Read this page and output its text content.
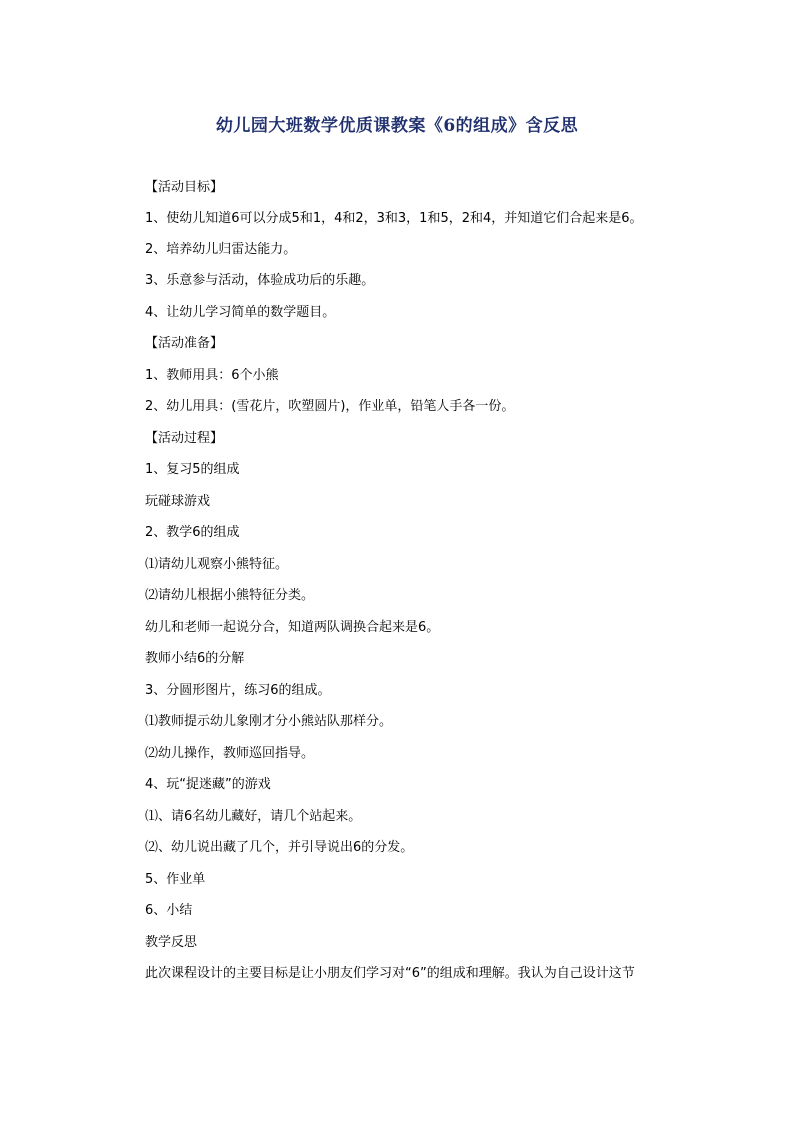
幼儿园大班数学优质课教案《6的组成》含反思

【活动目标】

1、使幼儿知道6可以分成5和1，4和2，3和3，1和5，2和4，并知道它们合起来是6。

2、培养幼儿归雷达能力。

3、乐意参与活动，体验成功后的乐趣。

4、让幼儿学习简单的数学题目。

【活动准备】

1、教师用具：6个小熊

2、幼儿用具：(雪花片，吹塑圆片)，作业单，铅笔人手各一份。

【活动过程】

1、复习5的组成

玩碰球游戏

2、教学6的组成

⑴请幼儿观察小熊特征。

⑵请幼儿根据小熊特征分类。

幼儿和老师一起说分合，知道两队调换合起来是6。

教师小结6的分解

3、分圆形图片，练习6的组成。

⑴教师提示幼儿象刚才分小熊站队那样分。

⑵幼儿操作，教师巡回指导。

4、玩“捉迷藏”的游戏

⑴、请6名幼儿藏好，请几个站起来。

⑵、幼儿说出藏了几个，并引导说出6的分发。

5、作业单

6、小结

教学反思

此次课程设计的主要目标是让小朋友们学习对“6”的组成和理解。我认为自己设计这节
